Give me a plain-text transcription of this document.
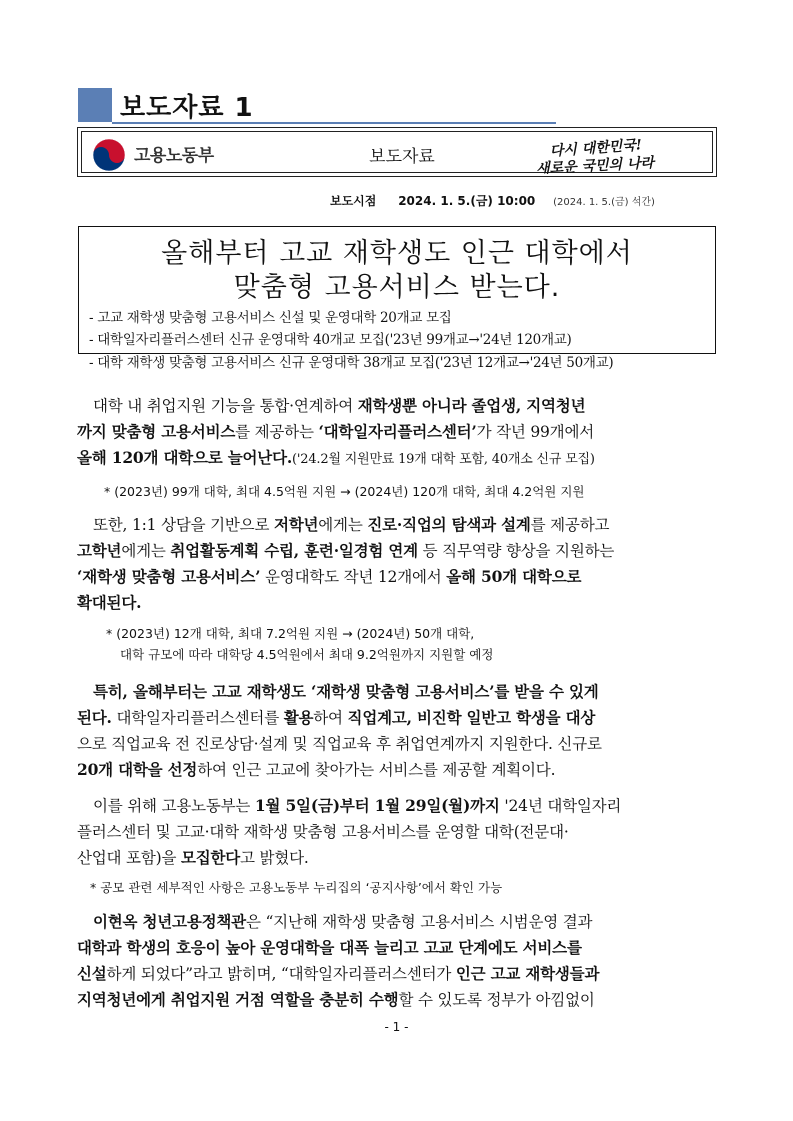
보도자료 1
고용노동부	보도자료	다시 대한민국!
새로운 국민의 나라
보도시점 2024. 1. 5.(금) 10:00 (2024. 1. 5.(금) 석간)
올해부터 고교 재학생도 인근 대학에서
맞춤형 고용서비스 받는다.
- 고교 재학생 맞춤형 고용서비스 신설 및 운영대학 20개교 모집
- 대학일자리플러스센터 신규 운영대학 40개교 모집('23년 99개교→'24년 120개교)
- 대학 재학생 맞춤형 고용서비스 신규 운영대학 38개교 모집('23년 12개교→'24년 50개교)
대학 내 취업지원 기능을 통합·연계하여 재학생뿐 아니라 졸업생, 지역청년
까지 맞춤형 고용서비스를 제공하는 ‘대학일자리플러스센터’가 작년 99개에서
올해 120개 대학으로 늘어난다.('24.2월 지원만료 19개 대학 포함, 40개소 신규 모집)
* (2023년) 99개 대학, 최대 4.5억원 지원 → (2024년) 120개 대학, 최대 4.2억원 지원
또한, 1:1 상담을 기반으로 저학년에게는 진로·직업의 탐색과 설계를 제공하고
고학년에게는 취업활동계획 수립, 훈련·일경험 연계 등 직무역량 향상을 지원하는
‘재학생 맞춤형 고용서비스’ 운영대학도 작년 12개에서 올해 50개 대학으로
확대된다.
* (2023년) 12개 대학, 최대 7.2억원 지원 → (2024년) 50개 대학,
대학 규모에 따라 대학당 4.5억원에서 최대 9.2억원까지 지원할 예정
특히, 올해부터는 고교 재학생도 ‘재학생 맞춤형 고용서비스’를 받을 수 있게
된다. 대학일자리플러스센터를 활용하여 직업계고, 비진학 일반고 학생을 대상
으로 직업교육 전 진로상담·설계 및 직업교육 후 취업연계까지 지원한다. 신규로
20개 대학을 선정하여 인근 고교에 찾아가는 서비스를 제공할 계획이다.
이를 위해 고용노동부는 1월 5일(금)부터 1월 29일(월)까지 '24년 대학일자리
플러스센터 및 고교·대학 재학생 맞춤형 고용서비스를 운영할 대학(전문대·
산업대 포함)을 모집한다고 밝혔다.
* 공모 관련 세부적인 사항은 고용노동부 누리집의 ‘공지사항’에서 확인 가능
이현옥 청년고용정책관은 “지난해 재학생 맞춤형 고용서비스 시범운영 결과
대학과 학생의 호응이 높아 운영대학을 대폭 늘리고 고교 단계에도 서비스를
신설하게 되었다”라고 밝히며, “대학일자리플러스센터가 인근 고교 재학생들과
지역청년에게 취업지원 거점 역할을 충분히 수행할 수 있도록 정부가 아낌없이
- 1 -
